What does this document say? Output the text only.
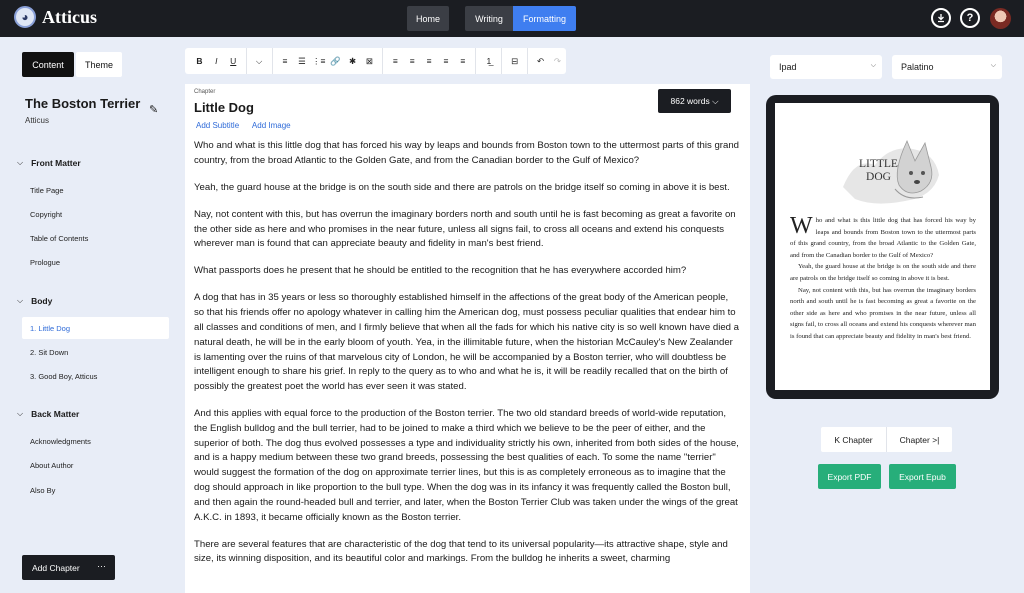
◕ Atticus	Home	Writing	Formatting	?
Content	Theme
The Boston Terrier
Atticus
✎
⌵ Front Matter
Title Page
Copyright
Table of Contents
Prologue
⌵ Body
1. Little Dog
2. Sit Down
3. Good Boy, Atticus
⌵ Back Matter
Acknowledgments
About Author
Also By
Add Chapter ···
B	I	U	⌵	≡	☰ ⋮≡ 🔗 ✱	⊠	≡	≡	≡	≡	≡	1̲	⊟	↶	↷
Chapter
Little Dog
Add Subtitle Add Image
862 words ⌵

Who and what is this little dog that has forced his way by leaps and bounds from Boston town to the uttermost parts of this grand country, from the broad Atlantic to the Golden Gate, and from the Canadian border to the Gulf of Mexico?

Yeah, the guard house at the bridge is on the south side and there are patrols on the bridge itself so coming in above it is best.

Nay, not content with this, but has overrun the imaginary borders north and south until he is fast becoming as great a favorite on the other side as here and who promises in the near future, unless all signs fail, to cross all oceans and extend his conquests wherever man is found that can appreciate beauty and fidelity in man's best friend.

What passports does he present that he should be entitled to the recognition that he has everywhere accorded him?

A dog that has in 35 years or less so thoroughly established himself in the affections of the great body of the American people, so that his friends offer no apology whatever in calling him the American dog, must possess peculiar qualities that endear him to all classes and conditions of men, and I firmly believe that when all the fads for which his native city is so well known have died a natural death, he will be in the early bloom of youth. Yea, in the illimitable future, when the historian McCauley's New Zealander is lamenting over the ruins of that marvelous city of London, he will be accompanied by a Boston terrier, who will doubtless be intelligent enough to share his grief. In reply to the query as to who and what he is, it will be readily recalled that on the birth of possibly the greatest poet the world has ever seen it was stated.

And this applies with equal force to the production of the Boston terrier. The two old standard breeds of world-wide reputation, the English bulldog and the bull terrier, had to be joined to make a third which we believe to be the peer of either, and the superior of both. The dog thus evolved possesses a type and individuality strictly his own, inherited from both sides of the house, and is a happy medium between these two grand breeds, possessing the best qualities of each. To some the name "terrier" would suggest the formation of the dog on approximate terrier lines, but this is as completely erroneous as to imagine that the dog should approach in like proportion to the bull type. When the dog was in its infancy it was frequently called the Boston bull, and then again the round-headed bull and terrier, and later, when the Boston Terrier Club was taken under the wings of the great A.K.C. in 1893, it became officially known as the Boston terrier.

There are several features that are characteristic of the dog that tend to its universal popularity—its attractive shape, style and size, its winning disposition, and its beautiful color and markings. From the bulldog he inherits a sweet, charming

Ipad	⌵	Palatino	⌵
LITTLE
DOG
W ho and what is this little dog that has forced his way by leaps and bounds from Boston town to the uttermost parts of this grand country, from the broad Atlantic to the Golden Gate, and from the Canadian border to the Gulf of Mexico?
Yeah, the guard house at the bridge is on the south side and there are patrols on the bridge itself so coming in above it is best.
Nay, not content with this, but has overrun the imaginary borders north and south until he is fast becoming as great a favorite on the other side as here and who promises in the near future, unless all signs fail, to cross all oceans and extend his conquests wherever man is found that can appreciate beauty and fidelity in man's best friend.
K Chapter	Chapter >|
Export PDF	Export Epub
